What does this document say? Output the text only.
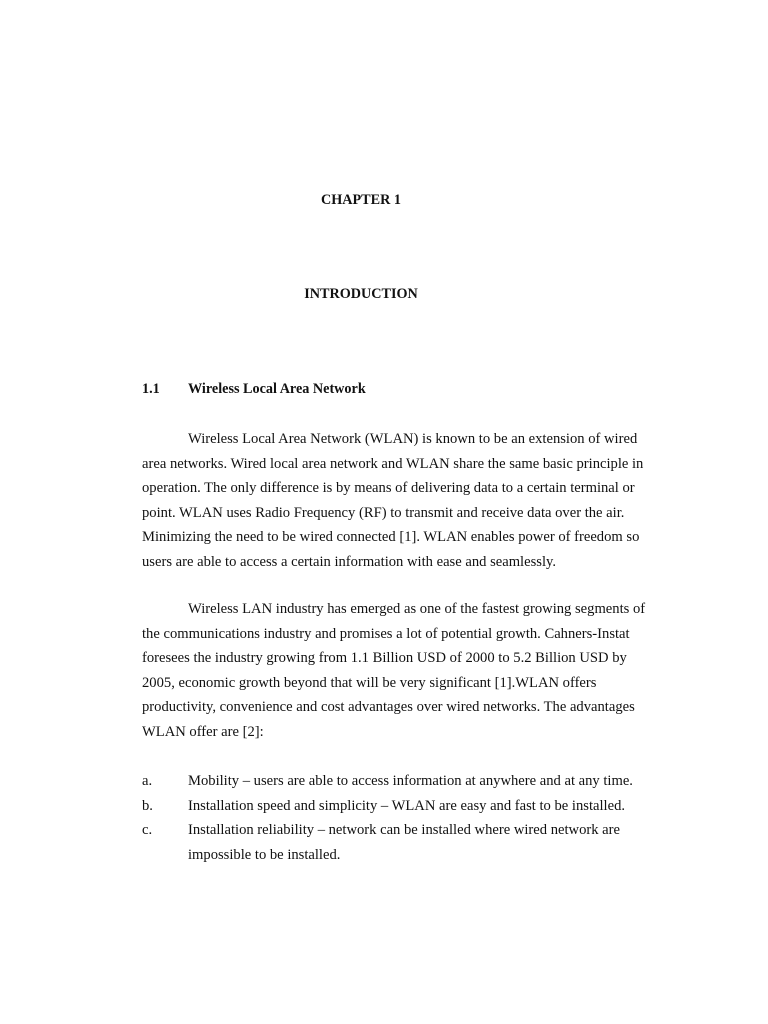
CHAPTER 1
INTRODUCTION
1.1 Wireless Local Area Network

Wireless Local Area Network (WLAN) is known to be an extension of wired
area networks. Wired local area network and WLAN share the same basic principle in
operation. The only difference is by means of delivering data to a certain terminal or
point. WLAN uses Radio Frequency (RF) to transmit and receive data over the air.
Minimizing the need to be wired connected [1]. WLAN enables power of freedom so
users are able to access a certain information with ease and seamlessly.

Wireless LAN industry has emerged as one of the fastest growing segments of
the communications industry and promises a lot of potential growth. Cahners-Instat
foresees the industry growing from 1.1 Billion USD of 2000 to 5.2 Billion USD by
2005, economic growth beyond that will be very significant [1].WLAN offers
productivity, convenience and cost advantages over wired networks. The advantages
WLAN offer are [2]:

a. Mobility – users are able to access information at anywhere and at any time.
b. Installation speed and simplicity – WLAN are easy and fast to be installed.
c. Installation reliability – network can be installed where wired network are
impossible to be installed.
